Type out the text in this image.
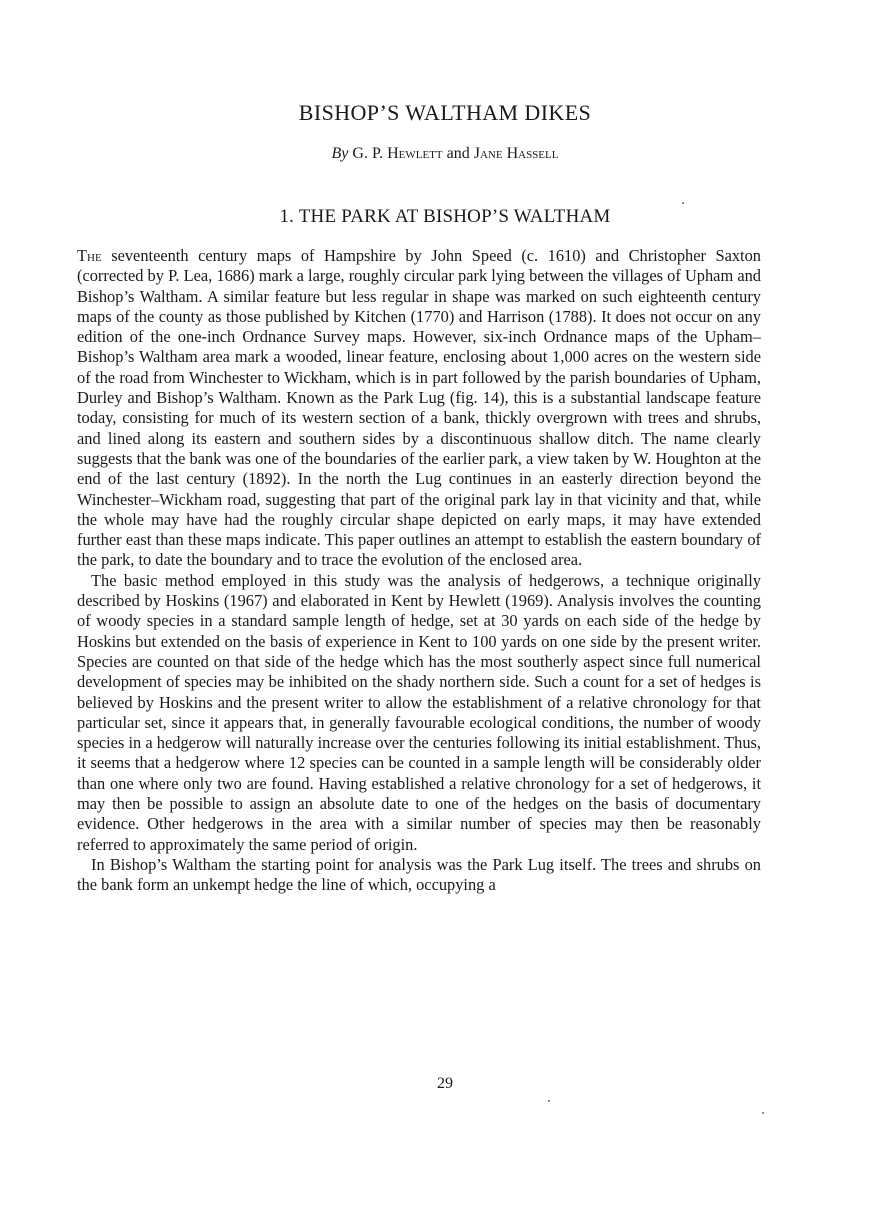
BISHOP’S WALTHAM DIKES
By G. P. Hewlett and Jane Hassell
1. THE PARK AT BISHOP’S WALTHAM

The seventeenth century maps of Hampshire by John Speed (c. 1610) and Christopher Saxton (corrected by P. Lea, 1686) mark a large, roughly circular park lying between the villages of Upham and Bishop’s Waltham. A similar feature but less regular in shape was marked on such eighteenth century maps of the county as those published by Kitchen (1770) and Harrison (1788). It does not occur on any edition of the one-inch Ordnance Survey maps. However, six-inch Ordnance maps of the Upham–Bishop’s Waltham area mark a wooded, linear feature, enclosing about 1,000 acres on the western side of the road from Winchester to Wickham, which is in part followed by the parish boundaries of Upham, Durley and Bishop’s Waltham. Known as the Park Lug (fig. 14), this is a substantial landscape feature today, consisting for much of its western section of a bank, thickly overgrown with trees and shrubs, and lined along its eastern and southern sides by a discontinuous shallow ditch. The name clearly suggests that the bank was one of the boundaries of the earlier park, a view taken by W. Houghton at the end of the last century (1892). In the north the Lug continues in an easterly direction beyond the Winchester–Wickham road, suggesting that part of the original park lay in that vicinity and that, while the whole may have had the roughly circular shape depicted on early maps, it may have extended further east than these maps indicate. This paper outlines an attempt to establish the eastern boundary of the park, to date the boundary and to trace the evolution of the enclosed area.

The basic method employed in this study was the analysis of hedgerows, a technique originally described by Hoskins (1967) and elaborated in Kent by Hewlett (1969). Analysis involves the counting of woody species in a standard sample length of hedge, set at 30 yards on each side of the hedge by Hoskins but extended on the basis of experience in Kent to 100 yards on one side by the present writer. Species are counted on that side of the hedge which has the most southerly aspect since full numerical development of species may be inhibited on the shady northern side. Such a count for a set of hedges is believed by Hoskins and the present writer to allow the establishment of a relative chronology for that particular set, since it appears that, in generally favourable ecological conditions, the number of woody species in a hedgerow will naturally increase over the centuries following its initial establishment. Thus, it seems that a hedgerow where 12 species can be counted in a sample length will be considerably older than one where only two are found. Having established a relative chronology for a set of hedgerows, it may then be possible to assign an absolute date to one of the hedges on the basis of documentary evidence. Other hedgerows in the area with a similar number of species may then be reasonably referred to approximately the same period of origin.

In Bishop’s Waltham the starting point for analysis was the Park Lug itself. The trees and shrubs on the bank form an unkempt hedge the line of which, occupying a

29
